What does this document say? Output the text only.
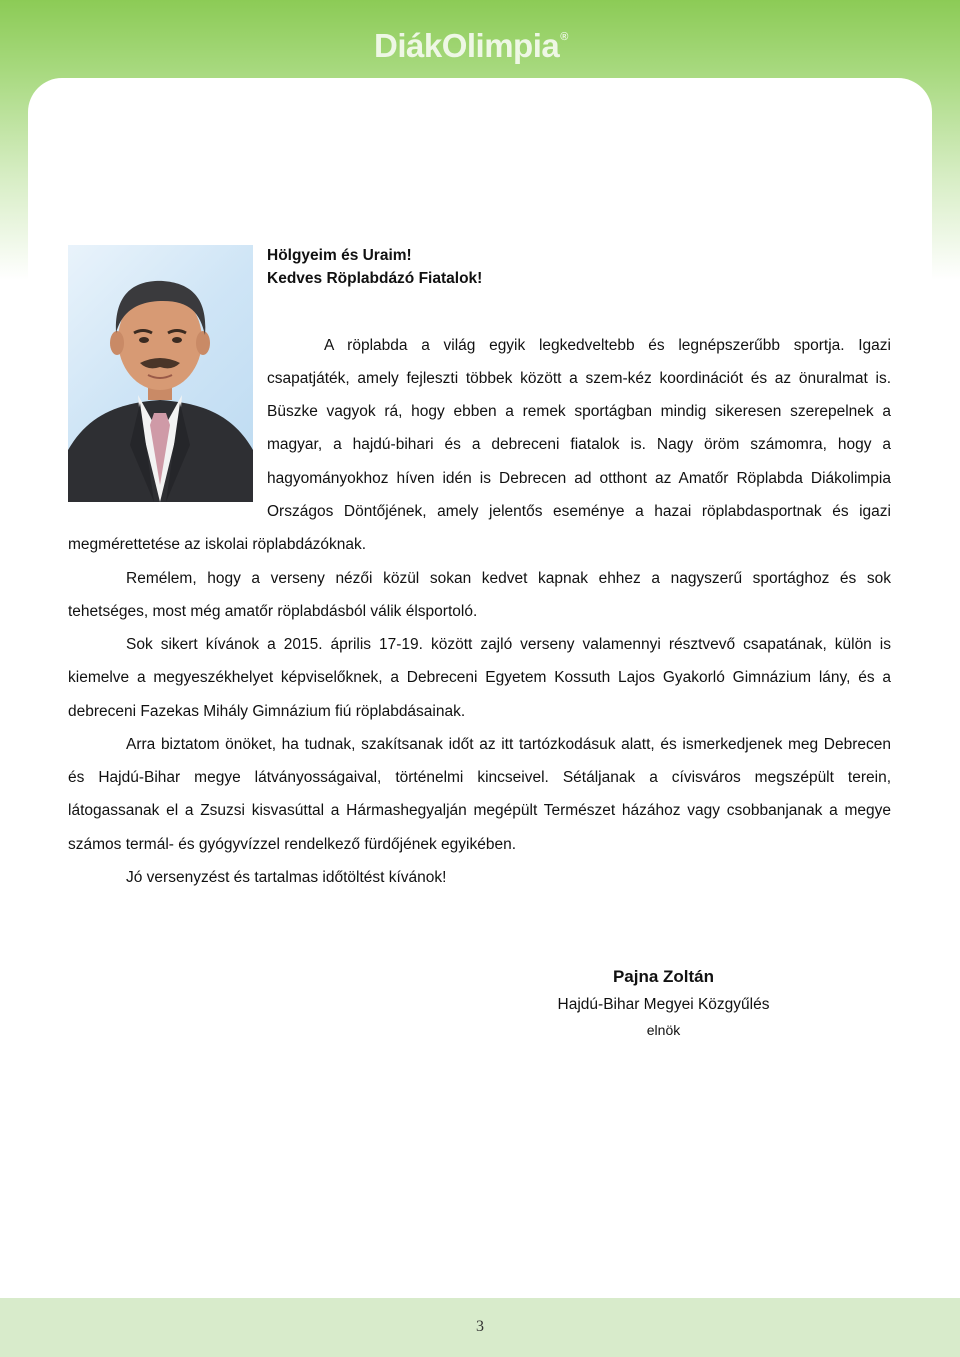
DiákOlimpia®
Hölgyeim és Uraim!
Kedves Röplabdázó Fiatalok!
A röplabda a világ egyik legkedveltebb és legnépszerűbb sportja. Igazi
csapatjáték, amely fejleszti többek között a szem-kéz koordinációt és az önuralmat is.
Büszke vagyok rá, hogy ebben a remek sportágban mindig sikeresen szerepelnek a
magyar, a hajdú-bihari és a debreceni fiatalok is. Nagy öröm számomra, hogy a
hagyományokhoz híven idén is Debrecen ad otthont az Amatőr Röplabda Diákolimpia
Országos Döntőjének, amely jelentős eseménye a hazai röplabdasportnak és igazi
megmérettetése az iskolai röplabdázóknak.
Remélem, hogy a verseny nézői közül sokan kedvet kapnak ehhez a nagyszerű sportághoz és sok
tehetséges, most még amatőr röplabdásból válik élsportoló.
Sok sikert kívánok a 2015. április 17-19. között zajló verseny valamennyi résztvevő csapatának, külön is
kiemelve a megyeszékhelyet képviselőknek, a Debreceni Egyetem Kossuth Lajos Gyakorló Gimnázium lány, és a
debreceni Fazekas Mihály Gimnázium fiú röplabdásainak.
Arra biztatom önöket, ha tudnak, szakítsanak időt az itt tartózkodásuk alatt, és ismerkedjenek meg Debrecen
és Hajdú-Bihar megye látványosságaival, történelmi kincseivel. Sétáljanak a cívisváros megszépült terein,
látogassanak el a Zsuzsi kisvasúttal a Hármashegyalján megépült Természet házához vagy csobbanjanak a megye
számos termál- és gyógyvízzel rendelkező fürdőjének egyikében.
Jó versenyzést és tartalmas időtöltést kívánok!
Pajna Zoltán
Hajdú-Bihar Megyei Közgyűlés
elnök
3
